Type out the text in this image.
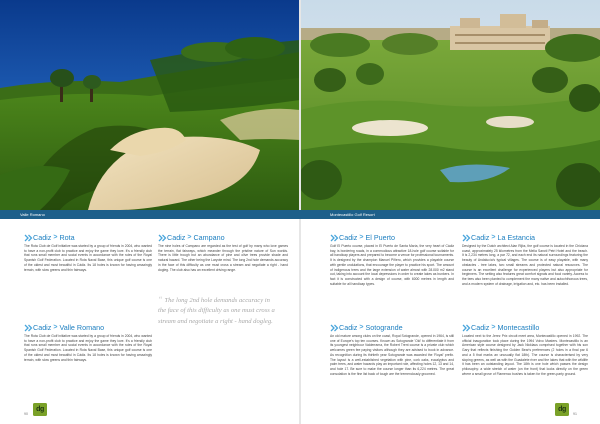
Valle Romano	Montecastillo Golf Resort
Cadiz > Rota

The Rota Club de Golf initiative was started by a group of friends in 2004, who wanted to have a non-profit club to practice and enjoy the game they love. It's a friendly club that runs small member and social events in accordance with the rules of the Royal Spanish Golf Federation. Located in Rota Naval Base, this unique golf course is one of the oldest and most beautiful in Cádiz. Its 18 holes is known for having amazingly terrain, with slow greens and thin fairways.

Cadiz > Valle Romano

The Rota Club de Golf initiative was started by a group of friends in 2004, who wanted to have a non-profit club to practice and enjoy the game they love. It's a friendly club that runs small member and social events in accordance with the rules of the Royal Spanish Golf Federation. Located in Rota Naval Base, this unique golf course is one of the oldest and most beautiful in Cádiz. Its 18 holes is known for having amazingly terrain, with slow greens and thin fairways.

Cadiz > Campano

The nine holes of Campano are regarded as the test of golf by many who love games the terrain, flat fairways, which meander through the pristine nature of Sun worlds. There is little trough but an abundance of pine and olive trees provide shade and natural hazard. The other being the Laryote mind. The long 2nd hole demands accuracy in the face of this difficulty as one must cross a stream and negotiate a right - hand dogleg. The club also has an excellent driving range.

“ The long 2nd hole demands accuracy in the face of this difficulty as one must cross a stream and negotiate a right - hand dogleg.
Cadiz > El Puerto

Golf El Puerto course, placed in El Puerto de Santa María, the very heart of Cádiz bay, is bordering roads, in a commodious attractive 18-hole golf course suitable for all handicap players and prepared to become a venue for professional tournaments. It is designed by the champion Manuel Piñero, which provides a playable course with gentle undulations, that encourage the player to practice his sport. The amount of indigenous trees and the large extension of water almost with 28.000 m2 stand out, taking into account the local depressions in order to create lakes as bunkers. In fact it is constructed with a design of course, with 6000 metres in length and suitable for all handicap types.

Cadiz > Sotogrande

An old mature among clubs on the coast, Royal Sotogrande, opened in 1964, is still one of Europe's top ten courses. Known as Sotogrande 'Old' to differentiate it from its youngest neighbour Valderrama, the Robert Trent course is a private club which welcomes green fee paying visitors although they are advised to book in advance. As recognition during its thirtieth year Sotogrande was awarded the 'Royal' prefix. The layout is a well-established vegetation with pine, cork oaks, eucalyptus and palm trees, and water hazards play an important role, affecting holes 12, 13 and 14, and hole 17. Be sure to make the course longer than its 6,224 metres. The great consolation is the fine list back of tough are the tremendously groomed.

Cadiz > La Estancia

Designed by the Dutch architect Alan Rijks, the golf course is located in the Chiclana coast, approximately 25 kilometres from the Melia Sancti Petri Hotel and the beach. It is 2,234 metres long, a par 72, and each end its natural surroundings featuring the beauty of Andalucía's typical villages. The course is of easy playable, with many obstacles - tree lakes, two small streams and protected natural resources. The course is an excellent challenge for experienced players but also appropriate for beginners. The setting also features great comfort signals and food variety. Access to the tees also been planted to complement the many native and autochthonous trees, and a modern system of drainage, irrigation and, etc. has been installed.

Cadiz > Montecastillo

Located next to the Jerez Prix circuit meet area, Montecastillo opened in 1992. The official inauguration took place during the 1994 Volvo Masters. Montecastillo is an American style course designed by Jack Nicklaus comprised together with his son Gary that reflects finishing the Golden Bear's preferences (2 holes in a final par 6 and a 5 that marks an unusually flat 18th). The course is characterised by very sloping greens, as well as with the Guadalete river and the lakes that with the wildlife it has been an outstanding layout. The 18th is one hole which passes the design philosophy: a wide stretch of water (on the front) that looks directly on the green where a small grove of Flamenco bushes is taken for the green-party ground.

90
dg	dg
91
